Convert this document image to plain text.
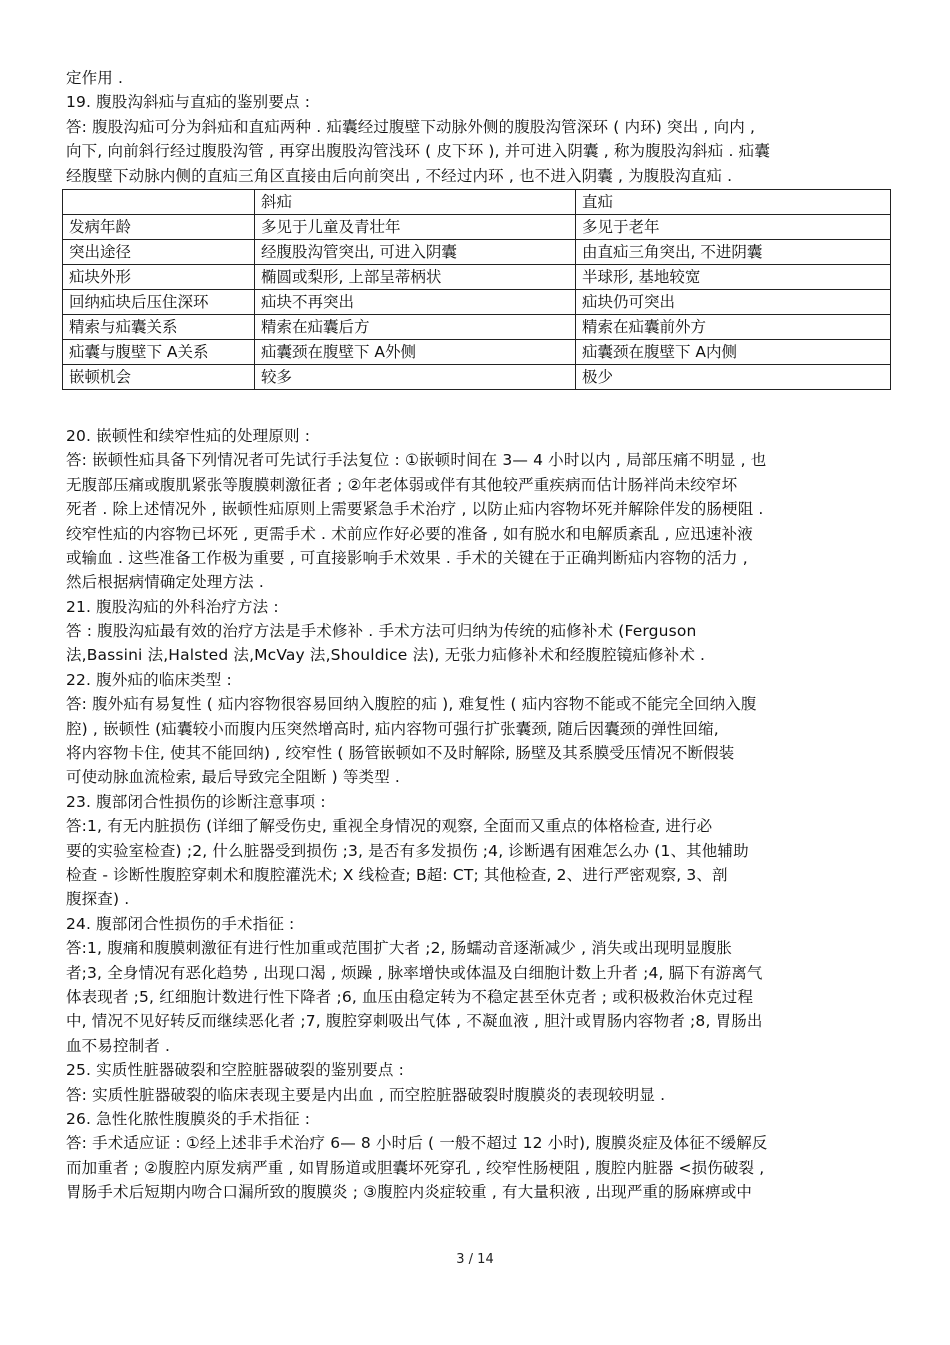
定作用 .
19. 腹股沟斜疝与直疝的鉴别要点 :
答: 腹股沟疝可分为斜疝和直疝两种 . 疝囊经过腹壁下动脉外侧的腹股沟管深环 ( 内环) 突出 , 向内 ,
向下, 向前斜行经过腹股沟管 , 再穿出腹股沟管浅环 ( 皮下环 ), 并可进入阴囊 , 称为腹股沟斜疝 . 疝囊
经腹壁下动脉内侧的直疝三角区直接由后向前突出 , 不经过内环 , 也不进入阴囊 , 为腹股沟直疝 .
	斜疝	直疝
发病年龄	多见于儿童及青壮年	多见于老年
突出途径	经腹股沟管突出, 可进入阴囊	由直疝三角突出, 不进阴囊
疝块外形	椭圆或梨形, 上部呈蒂柄状	半球形, 基地较宽
回纳疝块后压住深环	疝块不再突出	疝块仍可突出
精索与疝囊关系	精索在疝囊后方	精索在疝囊前外方
疝囊与腹壁下 A关系	疝囊颈在腹壁下 A外侧	疝囊颈在腹壁下 A内侧
嵌顿机会	较多	极少
20. 嵌顿性和续窄性疝的处理原则 :
答: 嵌顿性疝具备下列情况者可先试行手法复位 : ①嵌顿时间在 3— 4 小时以内 , 局部压痛不明显 , 也
无腹部压痛或腹肌紧张等腹膜刺激征者 ; ②年老体弱或伴有其他较严重疾病而估计肠袢尚未绞窄坏
死者 . 除上述情况外 , 嵌顿性疝原则上需要紧急手术治疗 , 以防止疝内容物坏死并解除伴发的肠梗阻 .
绞窄性疝的内容物已坏死 , 更需手术 . 术前应作好必要的准备 , 如有脱水和电解质紊乱 , 应迅速补液
或输血 . 这些准备工作极为重要 , 可直接影响手术效果 . 手术的关键在于正确判断疝内容物的活力 ,
然后根据病情确定处理方法 .
21. 腹股沟疝的外科治疗方法 :
答 : 腹股沟疝最有效的治疗方法是手术修补 . 手术方法可归纳为传统的疝修补术 (Ferguson
法,Bassini 法,Halsted 法,McVay 法,Shouldice 法), 无张力疝修补术和经腹腔镜疝修补术 .
22. 腹外疝的临床类型 :
答: 腹外疝有易复性 ( 疝内容物很容易回纳入腹腔的疝 ), 难复性 ( 疝内容物不能或不能完全回纳入腹
腔) , 嵌顿性 (疝囊较小而腹内压突然增高时, 疝内容物可强行扩张囊颈, 随后因囊颈的弹性回缩,
将内容物卡住, 使其不能回纳) , 绞窄性 ( 肠管嵌顿如不及时解除, 肠壁及其系膜受压情况不断假装
可使动脉血流检索, 最后导致完全阻断 ) 等类型 .
23. 腹部闭合性损伤的诊断注意事项 :
答:1, 有无内脏损伤 (详细了解受伤史, 重视全身情况的观察, 全面而又重点的体格检查, 进行必
要的实验室检查) ;2, 什么脏器受到损伤 ;3, 是否有多发损伤 ;4, 诊断遇有困难怎么办 (1、其他辅助
检查 - 诊断性腹腔穿刺术和腹腔灌洗术; X 线检查; B超: CT; 其他检查, 2、进行严密观察, 3、剖
腹探查) .
24. 腹部闭合性损伤的手术指征 :
答:1, 腹痛和腹膜刺激征有进行性加重或范围扩大者 ;2, 肠蠕动音逐渐减少 , 消失或出现明显腹胀
者;3, 全身情况有恶化趋势 , 出现口渴 , 烦躁 , 脉率增快或体温及白细胞计数上升者 ;4, 膈下有游离气
体表现者 ;5, 红细胞计数进行性下降者 ;6, 血压由稳定转为不稳定甚至休克者 ; 或积极救治休克过程
中, 情况不见好转反而继续恶化者 ;7, 腹腔穿刺吸出气体 , 不凝血液 , 胆汁或胃肠内容物者 ;8, 胃肠出
血不易控制者 .
25. 实质性脏器破裂和空腔脏器破裂的鉴别要点 :
答: 实质性脏器破裂的临床表现主要是内出血 , 而空腔脏器破裂时腹膜炎的表现较明显 .
26. 急性化脓性腹膜炎的手术指征 :
答: 手术适应证 : ①经上述非手术治疗 6— 8 小时后 ( 一般不超过 12 小时), 腹膜炎症及体征不缓解反
而加重者 ; ②腹腔内原发病严重 , 如胃肠道或胆囊坏死穿孔 , 绞窄性肠梗阻 , 腹腔内脏器 <损伤破裂 ,
胃肠手术后短期内吻合口漏所致的腹膜炎 ; ③腹腔内炎症较重 , 有大量积液 , 出现严重的肠麻痹或中
3 / 14
